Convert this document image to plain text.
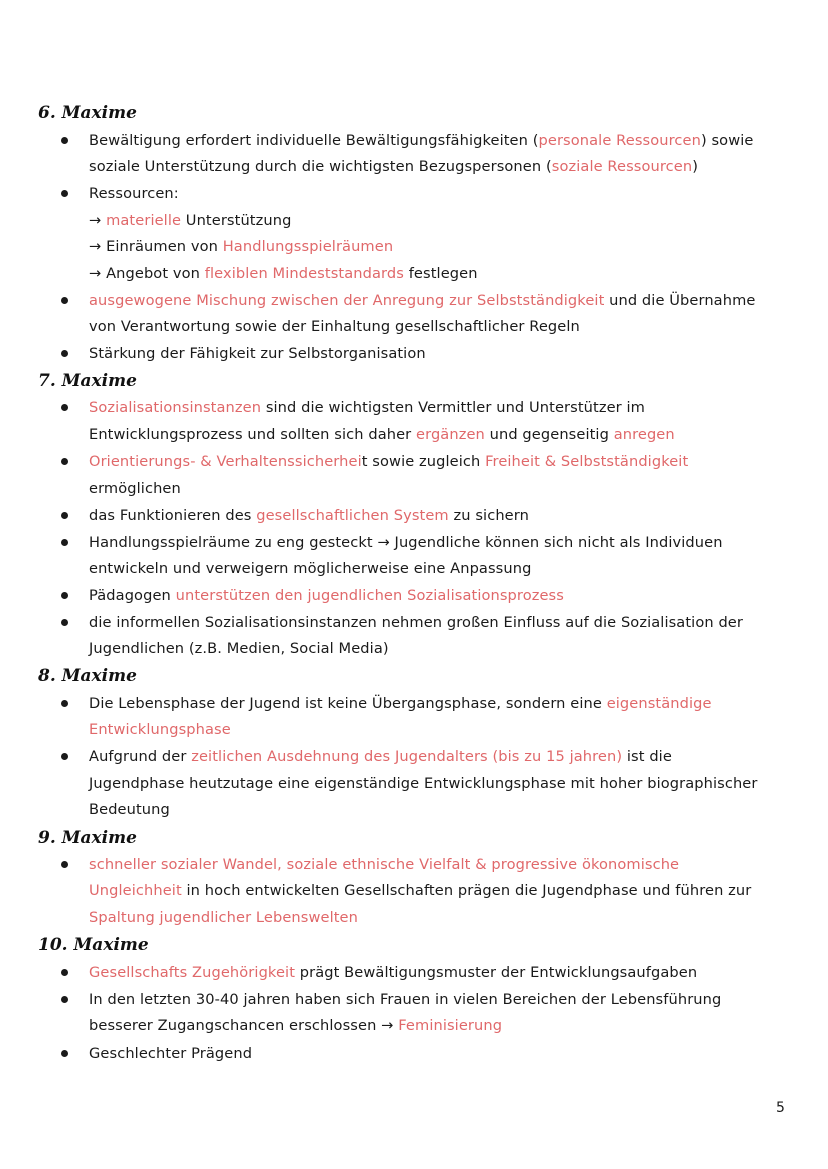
6. Maxime
Bewältigung erfordert individuelle Bewältigungsfähigkeiten (personale Ressourcen) sowie
soziale Unterstützung durch die wichtigsten Bezugspersonen (soziale Ressourcen)
Ressourcen:
→ materielle Unterstützung
→ Einräumen von Handlungsspielräumen
→ Angebot von flexiblen Mindeststandards festlegen
ausgewogene Mischung zwischen der Anregung zur Selbstständigkeit und die Übernahme
von Verantwortung sowie der Einhaltung gesellschaftlicher Regeln
Stärkung der Fähigkeit zur Selbstorganisation
7. Maxime
Sozialisationsinstanzen sind die wichtigsten Vermittler und Unterstützer im
Entwicklungsprozess und sollten sich daher ergänzen und gegenseitig anregen
Orientierungs- & Verhaltenssicherheit sowie zugleich Freiheit & Selbstständigkeit
ermöglichen
das Funktionieren des gesellschaftlichen System zu sichern
Handlungsspielräume zu eng gesteckt → Jugendliche können sich nicht als Individuen
entwickeln und verweigern möglicherweise eine Anpassung
Pädagogen unterstützen den jugendlichen Sozialisationsprozess
die informellen Sozialisationsinstanzen nehmen großen Einfluss auf die Sozialisation der
Jugendlichen (z.B. Medien, Social Media)
8. Maxime
Die Lebensphase der Jugend ist keine Übergangsphase, sondern eine eigenständige
Entwicklungsphase
Aufgrund der zeitlichen Ausdehnung des Jugendalters (bis zu 15 jahren) ist die
Jugendphase heutzutage eine eigenständige Entwicklungsphase mit hoher biographischer
Bedeutung
9. Maxime
schneller sozialer Wandel, soziale ethnische Vielfalt & progressive ökonomische
Ungleichheit in hoch entwickelten Gesellschaften prägen die Jugendphase und führen zur
Spaltung jugendlicher Lebenswelten
10. Maxime
Gesellschafts Zugehörigkeit prägt Bewältigungsmuster der Entwicklungsaufgaben
In den letzten 30-40 jahren haben sich Frauen in vielen Bereichen der Lebensführung
besserer Zugangschancen erschlossen → Feminisierung
Geschlechter Prägend
5
